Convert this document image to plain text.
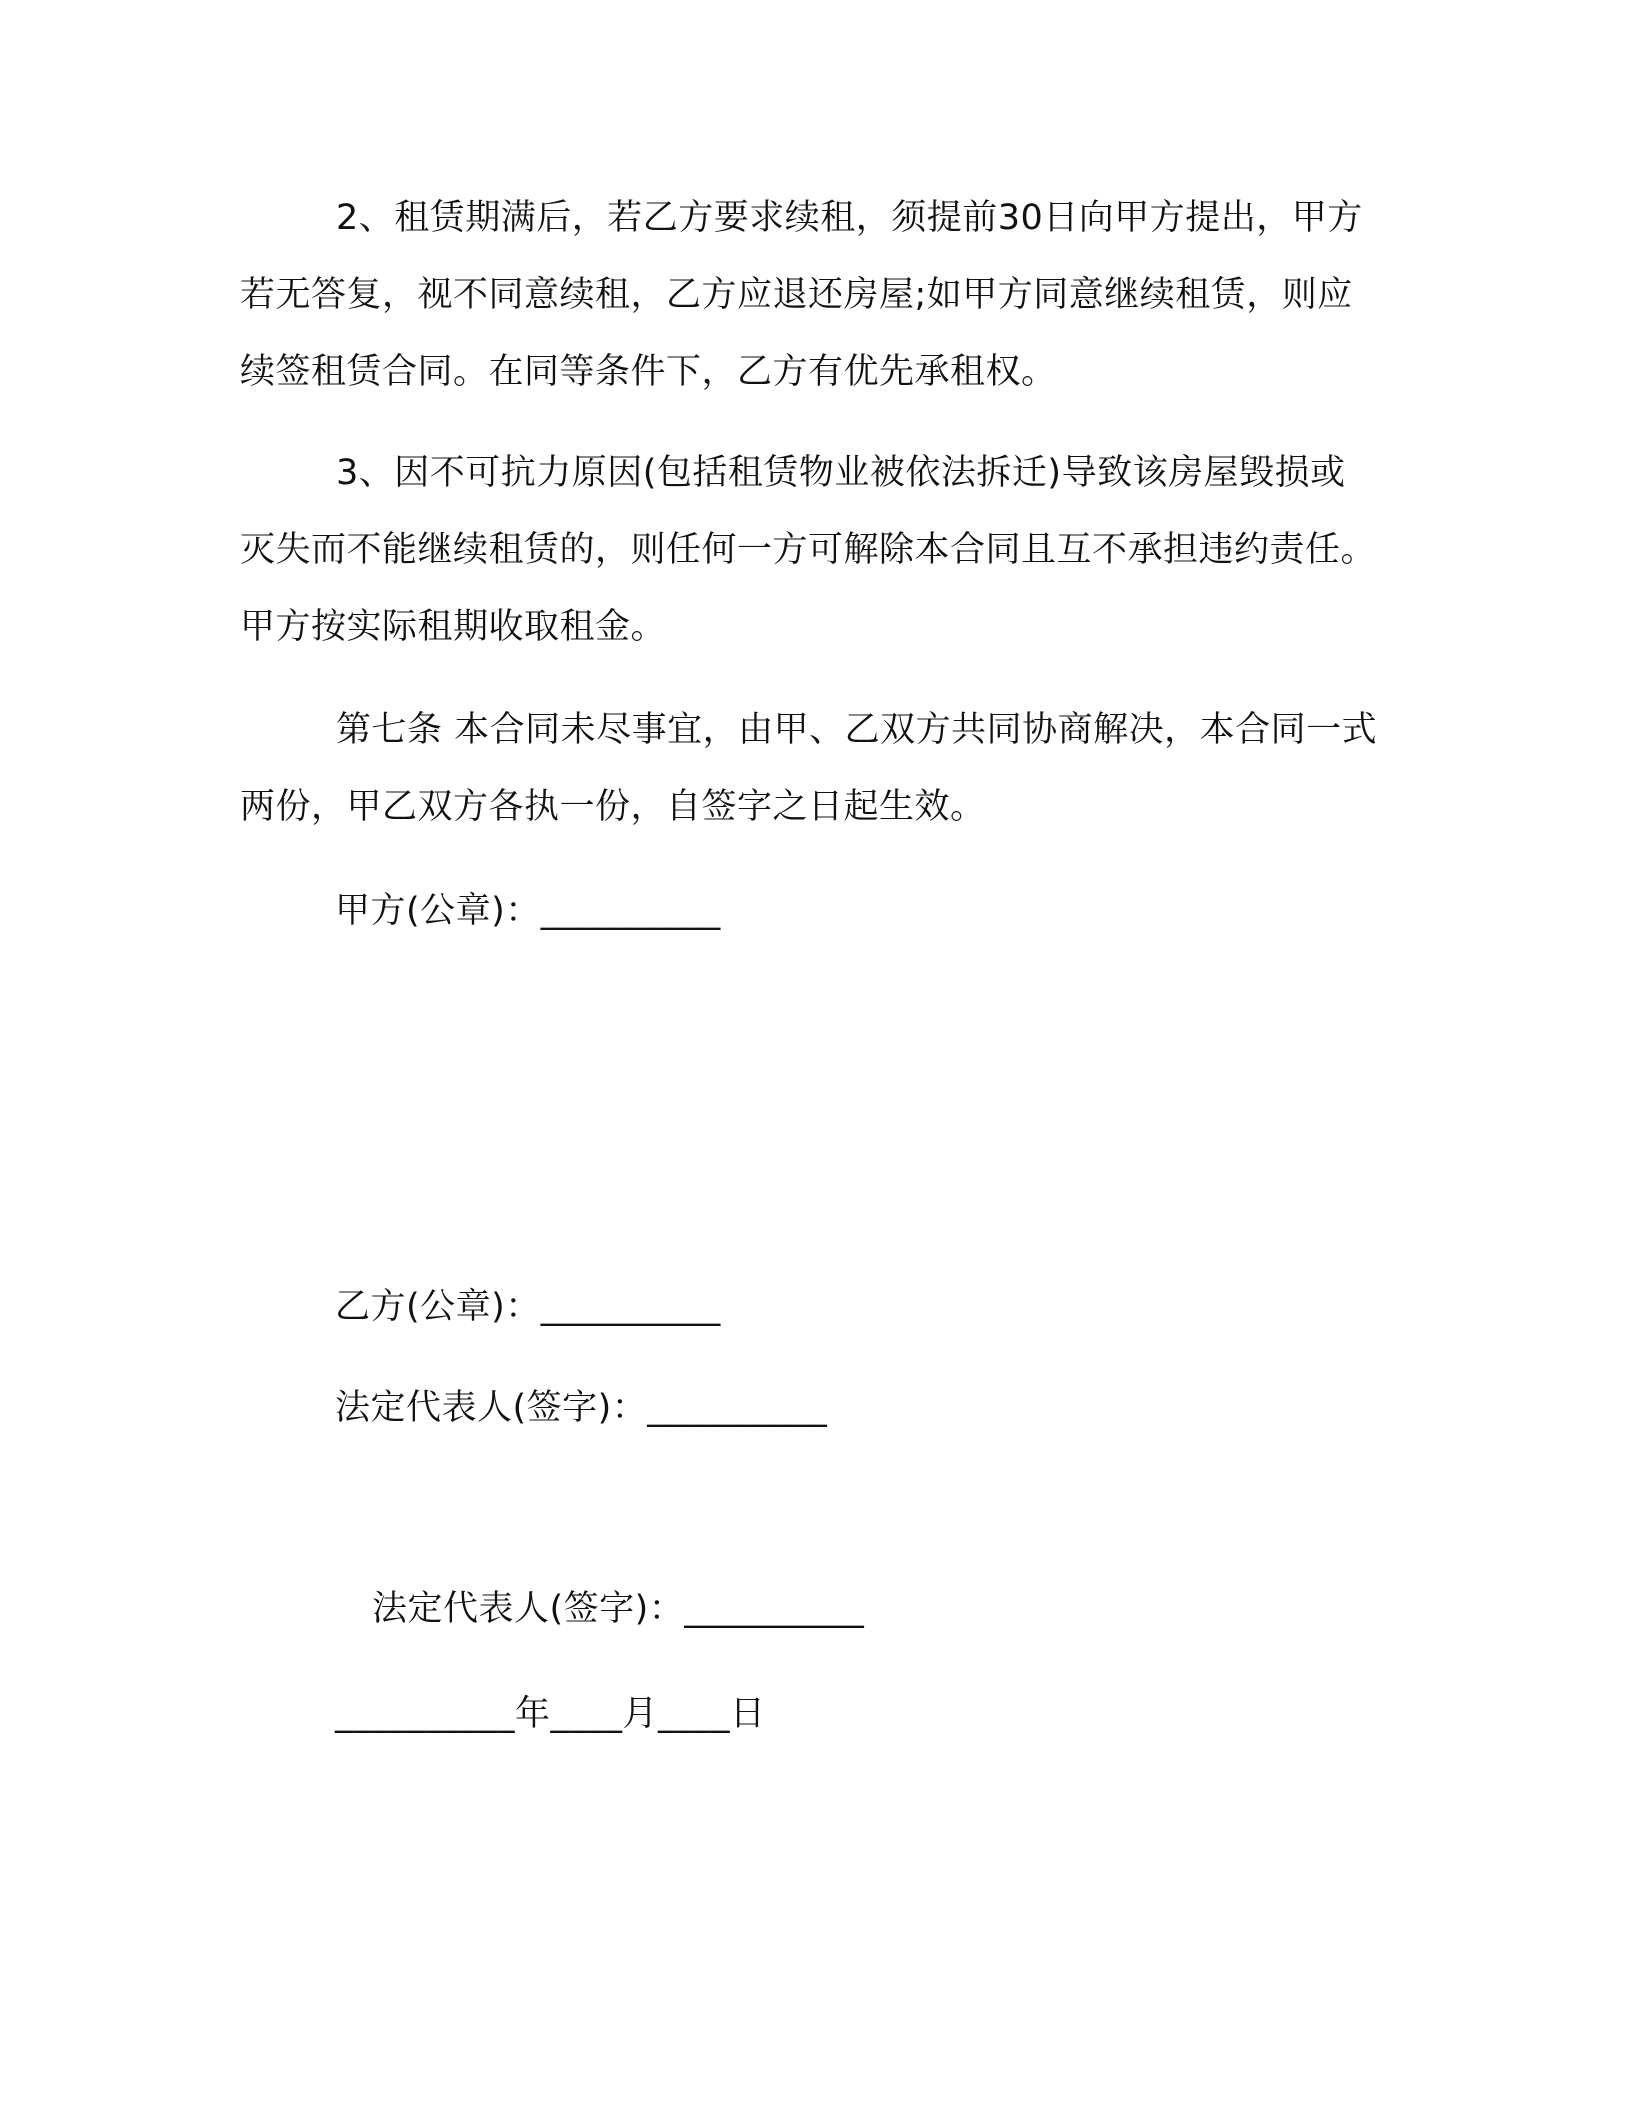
2、租赁期满后，若乙方要求续租，须提前30日向甲方提出，甲方若无答复，视不同意续租，乙方应退还房屋;如甲方同意继续租赁，则应续签租赁合同。在同等条件下，乙方有优先承租权。

3、因不可抗力原因(包括租赁物业被依法拆迁)导致该房屋毁损或灭失而不能继续租赁的，则任何一方可解除本合同且互不承担违约责任。甲方按实际租期收取租金。

第七条 本合同未尽事宜，由甲、乙双方共同协商解决，本合同一式两份，甲乙双方各执一份，自签字之日起生效。

甲方(公章)：__________

乙方(公章)：__________

法定代表人(签字)：__________

法定代表人(签字)：__________

__________年____月____日
